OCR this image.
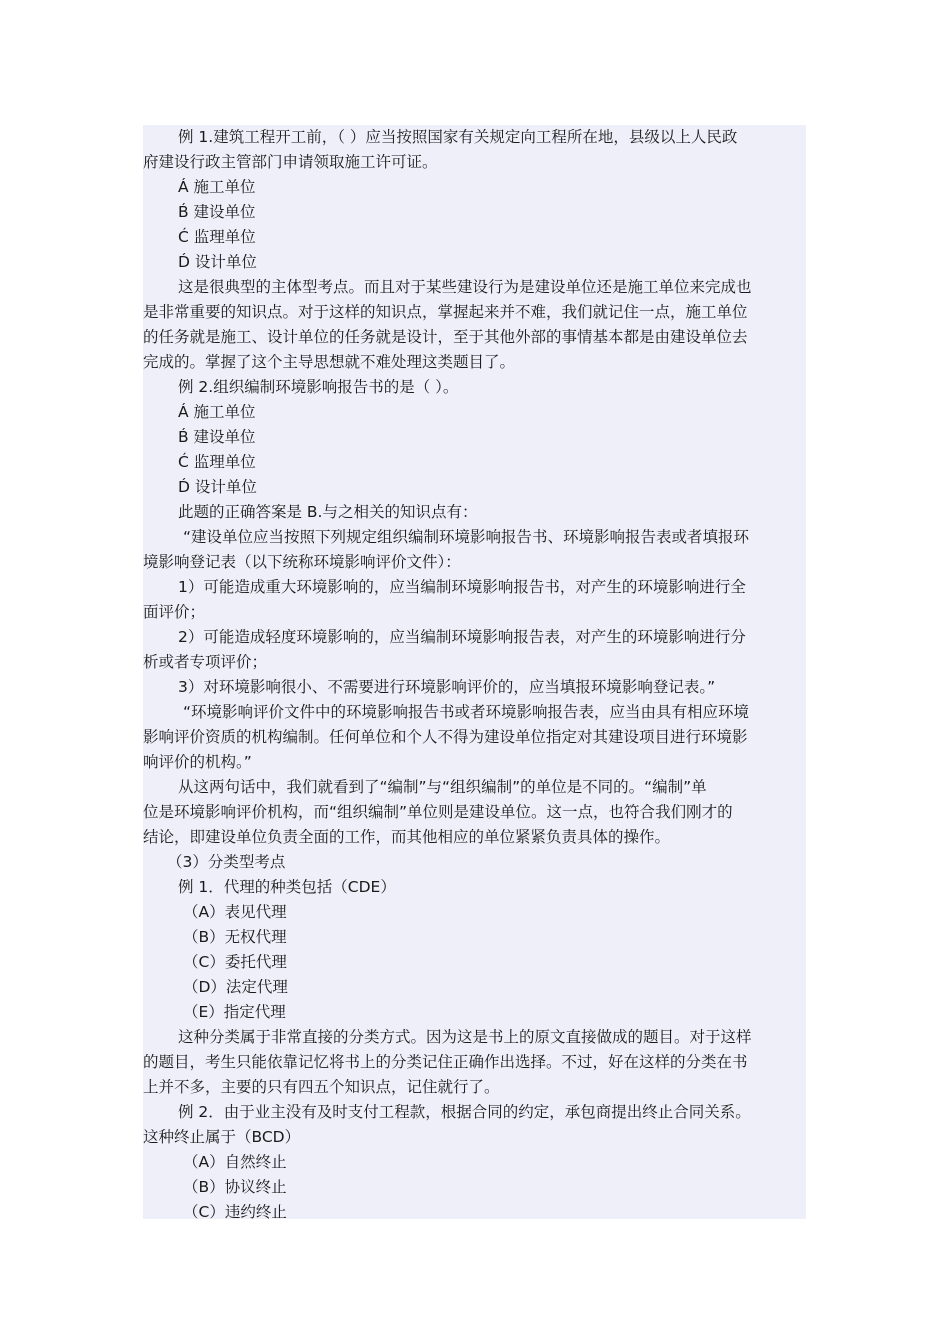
例 1.建筑工程开工前，（ ）应当按照国家有关规定向工程所在地，县级以上人民政
府建设行政主管部门申请领取施工许可证。
Á 施工单位
B́ 建设单位
Ć 监理单位
D́ 设计单位
这是很典型的主体型考点。而且对于某些建设行为是建设单位还是施工单位来完成也
是非常重要的知识点。对于这样的知识点，掌握起来并不难，我们就记住一点，施工单位
的任务就是施工、设计单位的任务就是设计，至于其他外部的事情基本都是由建设单位去
完成的。掌握了这个主导思想就不难处理这类题目了。
例 2.组织编制环境影响报告书的是（ ）。
Á 施工单位
B́ 建设单位
Ć 监理单位
D́ 设计单位
此题的正确答案是 B.与之相关的知识点有：
“建设单位应当按照下列规定组织编制环境影响报告书、环境影响报告表或者填报环
境影响登记表（以下统称环境影响评价文件）：
1）可能造成重大环境影响的，应当编制环境影响报告书，对产生的环境影响进行全
面评价；
2）可能造成轻度环境影响的，应当编制环境影响报告表，对产生的环境影响进行分
析或者专项评价；
3）对环境影响很小、不需要进行环境影响评价的，应当填报环境影响登记表。”
“环境影响评价文件中的环境影响报告书或者环境影响报告表，应当由具有相应环境
影响评价资质的机构编制。任何单位和个人不得为建设单位指定对其建设项目进行环境影
响评价的机构。”
从这两句话中，我们就看到了“编制”与“组织编制”的单位是不同的。“编制”单
位是环境影响评价机构，而“组织编制”单位则是建设单位。这一点，也符合我们刚才的
结论，即建设单位负责全面的工作，而其他相应的单位紧紧负责具体的操作。
（3）分类型考点
例 1．代理的种类包括（CDE）
（A）表见代理
（B）无权代理
（C）委托代理
（D）法定代理
（E）指定代理
这种分类属于非常直接的分类方式。因为这是书上的原文直接做成的题目。对于这样
的题目，考生只能依靠记忆将书上的分类记住正确作出选择。不过，好在这样的分类在书
上并不多，主要的只有四五个知识点，记住就行了。
例 2．由于业主没有及时支付工程款，根据合同的约定，承包商提出终止合同关系。
这种终止属于（BCD）
（A）自然终止
（B）协议终止
（C）违约终止
